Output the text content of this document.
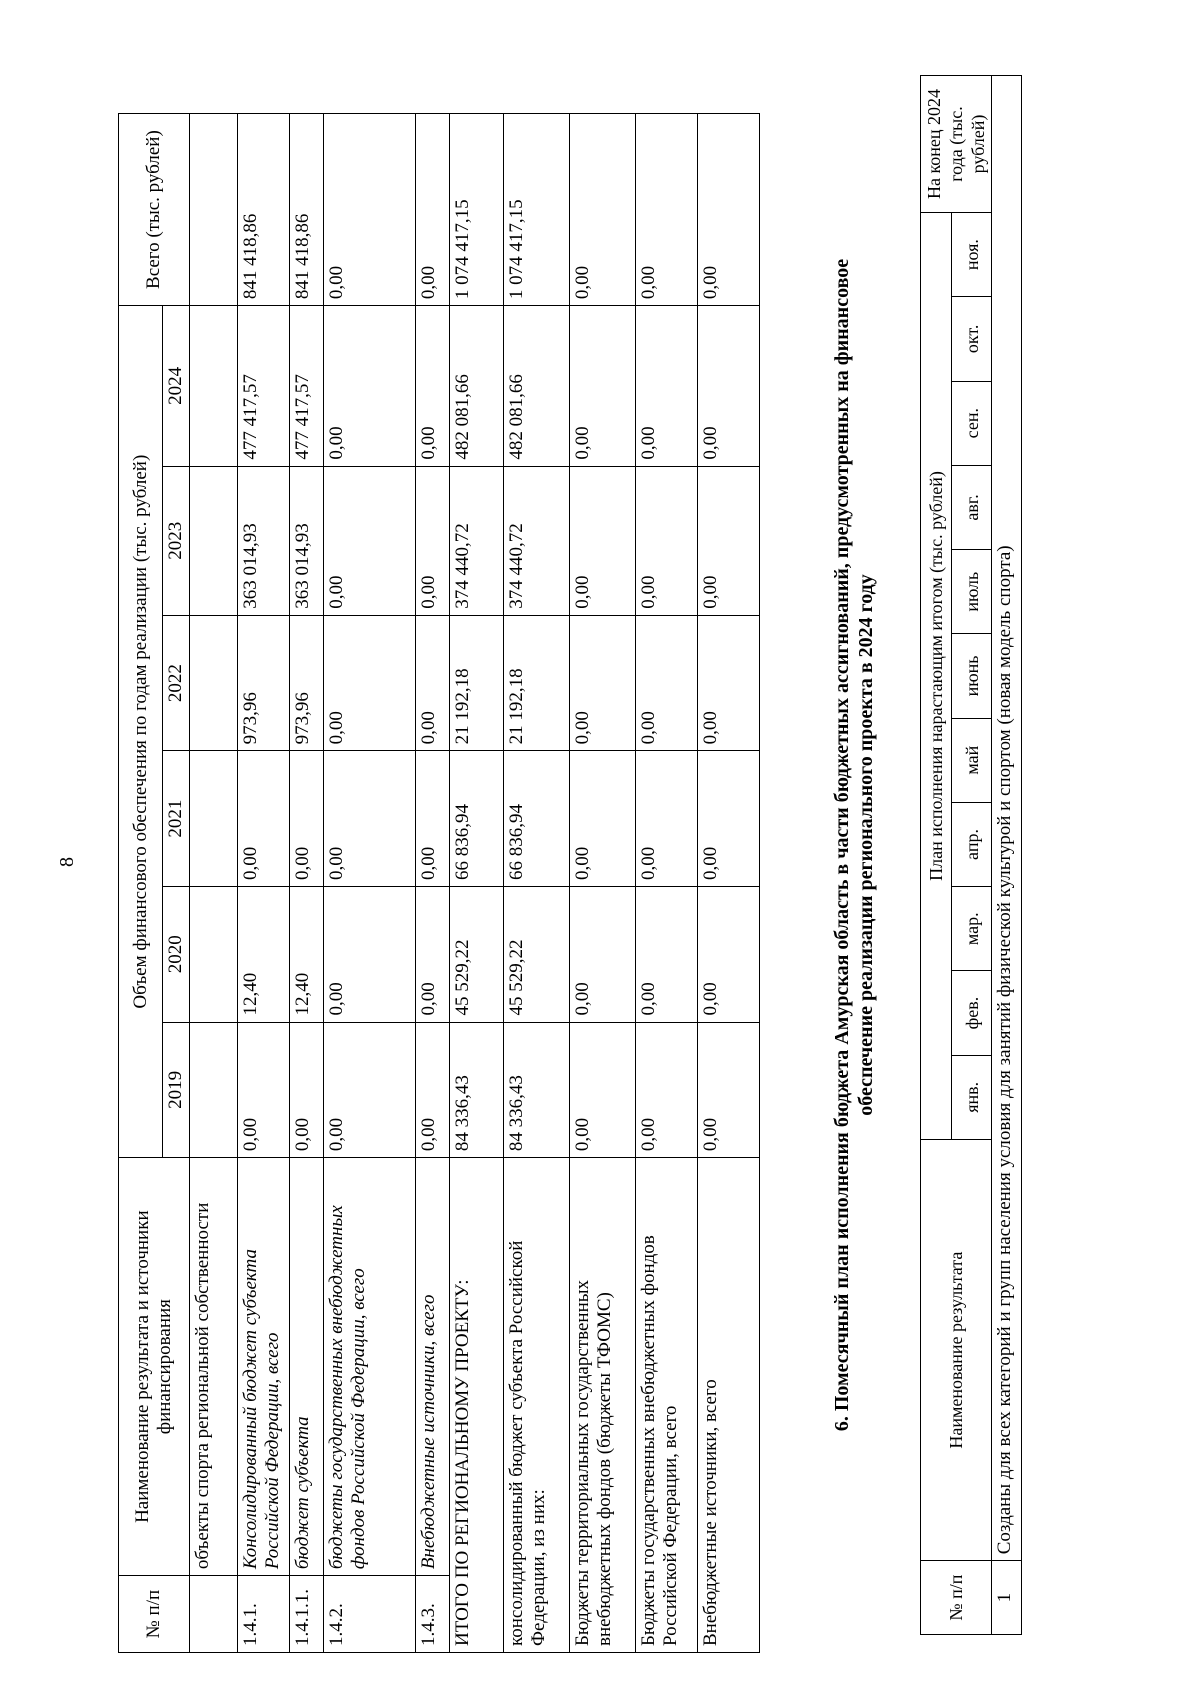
8
№ п/п	Наименование результата и источники финансирования	Объем финансового обеспечения по годам реализации (тыс. рублей)						Всего (тыс. рублей)
		2019	2020	2021	2022	2023	2024	
	объекты спорта региональной собственности							
1.4.1.	Консолидированный бюджет субъекта Российской Федерации, всего	0,00	12,40	0,00	973,96	363 014,93	477 417,57	841 418,86
1.4.1.1.	бюджет субъекта	0,00	12,40	0,00	973,96	363 014,93	477 417,57	841 418,86
1.4.2.	бюджеты государственных внебюджетных фондов Российской Федерации, всего	0,00	0,00	0,00	0,00	0,00	0,00	0,00
1.4.3.	Внебюджетные источники, всего	0,00	0,00	0,00	0,00	0,00	0,00	0,00
ИТОГО ПО РЕГИОНАЛЬНОМУ ПРОЕКТУ:		84 336,43	45 529,22	66 836,94	21 192,18	374 440,72	482 081,66	1 074 417,15
консолидированный бюджет субъекта Российской Федерации, из них:		84 336,43	45 529,22	66 836,94	21 192,18	374 440,72	482 081,66	1 074 417,15
Бюджеты территориальных государственных внебюджетных фондов (бюджеты ТФОМС)		0,00	0,00	0,00	0,00	0,00	0,00	0,00
Бюджеты государственных внебюджетных фондов Российской Федерации, всего		0,00	0,00	0,00	0,00	0,00	0,00	0,00
Внебюджетные источники, всего		0,00	0,00	0,00	0,00	0,00	0,00	0,00	6. Помесячный план исполнения бюджета Амурская область в части бюджетных ассигнований, предусмотренных на финансовое обеспечение реализации регионального проекта в 2024 году
№ п/п	Наименование результата	План исполнения нарастающим итогом (тыс. рублей)											На конец 2024 года (тыс. рублей)
		янв.	фев.	мар.	апр.	май	июнь	июль	авг.	сен.	окт.	ноя.	
1	Созданы для всех категорий и групп населения условия для занятий физической культурой и спортом (новая модель спорта)												
